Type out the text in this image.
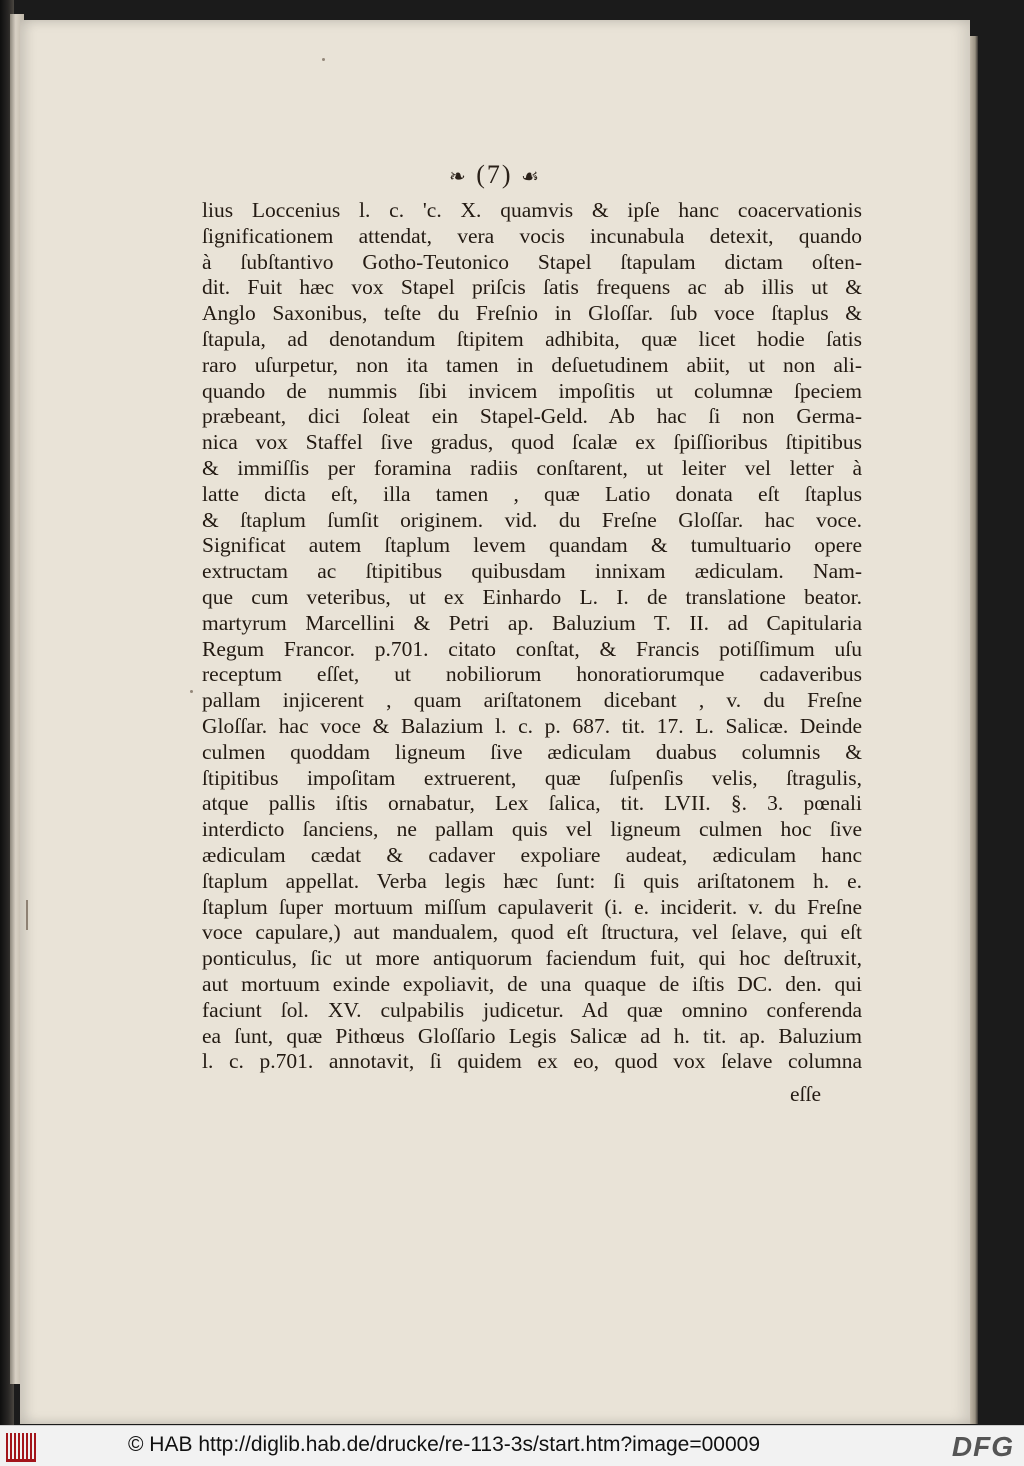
❧ (7) ☙
lius Loccenius l. c. 'c. X. quamvis & ipſe hanc coacervationis
ſignificationem attendat, vera vocis incunabula detexit, quando
à ſubſtantivo Gotho-Teutonico Stapel ſtapulam dictam oſten-
dit. Fuit hæc vox Stapel priſcis ſatis frequens ac ab illis ut &
Anglo Saxonibus, teſte du Freſnio in Gloſſar. ſub voce ſtaplus &
ſtapula, ad denotandum ſtipitem adhibita, quæ licet hodie ſatis
raro uſurpetur, non ita tamen in deſuetudinem abiit, ut non ali-
quando de nummis ſibi invicem impoſitis ut columnæ ſpeciem
præbeant, dici ſoleat ein Stapel-Geld. Ab hac ſi non Germa-
nica vox Staffel ſive gradus, quod ſcalæ ex ſpiſſioribus ſtipitibus
& immiſſis per foramina radiis conſtarent, ut leiter vel letter à
latte dicta eſt, illa tamen , quæ Latio donata eſt ſtaplus
& ſtaplum ſumſit originem. vid. du Freſne Gloſſar. hac voce.
Significat autem ſtaplum levem quandam & tumultuario opere
extructam ac ſtipitibus quibusdam innixam ædiculam. Nam-
que cum veteribus, ut ex Einhardo L. I. de translatione beator.
martyrum Marcellini & Petri ap. Baluzium T. II. ad Capitularia
Regum Francor. p.701. citato conſtat, & Francis potiſſimum uſu
receptum eſſet, ut nobiliorum honoratiorumque cadaveribus
pallam injicerent , quam ariſtatonem dicebant , v. du Freſne
Gloſſar. hac voce & Balazium l. c. p. 687. tit. 17. L. Salicæ. Deinde
culmen quoddam ligneum ſive ædiculam duabus columnis &
ſtipitibus impoſitam extruerent, quæ ſuſpenſis velis, ſtragulis,
atque pallis iſtis ornabatur, Lex ſalica, tit. LVII. §. 3. pœnali
interdicto ſanciens, ne pallam quis vel ligneum culmen hoc ſive
ædiculam cædat & cadaver expoliare audeat, ædiculam hanc
ſtaplum appellat. Verba legis hæc ſunt: ſi quis ariſtatonem h. e.
ſtaplum ſuper mortuum miſſum capulaverit (i. e. inciderit. v. du Freſne
voce capulare,) aut mandualem, quod eſt ſtructura, vel ſelave, qui eſt
ponticulus, ſic ut more antiquorum faciendum fuit, qui hoc deſtruxit,
aut mortuum exinde expoliavit, de una quaque de iſtis DC. den. qui
faciunt ſol. XV. culpabilis judicetur. Ad quæ omnino conferenda
ea ſunt, quæ Pithœus Gloſſario Legis Salicæ ad h. tit. ap. Baluzium
l. c. p.701. annotavit, ſi quidem ex eo, quod vox ſelave columna
eſſe
© HAB http://diglib.hab.de/drucke/re-113-3s/start.htm?image=00009	DFG
